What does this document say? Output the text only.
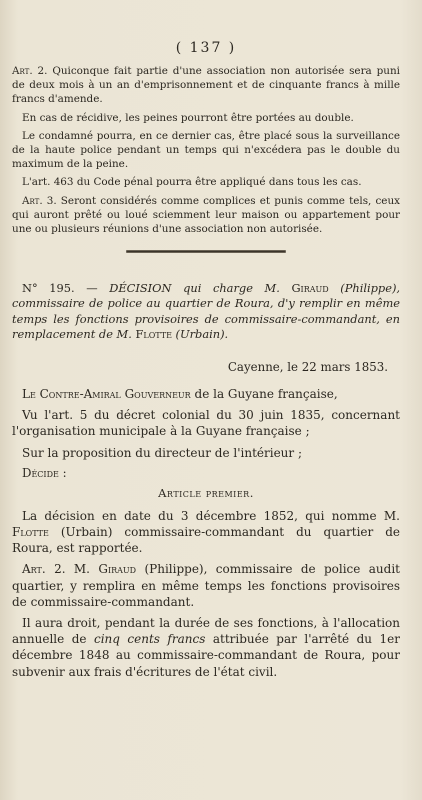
( 137 )

Art. 2. Quiconque fait partie d'une association non autorisée sera puni de deux mois à un an d'emprisonnement et de cinquante francs à mille francs d'amende.

En cas de récidive, les peines pourront être portées au double.

Le condamné pourra, en ce dernier cas, être placé sous la surveillance de la haute police pendant un temps qui n'excédera pas le double du maximum de la peine.

L'art. 463 du Code pénal pourra être appliqué dans tous les cas.

Art. 3. Seront considérés comme complices et punis comme tels, ceux qui auront prêté ou loué sciemment leur maison ou appartement pour une ou plusieurs réunions d'une association non autorisée.

N° 195. — DÉCISION qui charge M. Giraud (Philippe), commissaire de police au quartier de Roura, d'y remplir en même temps les fonctions provisoires de commissaire-commandant, en remplacement de M. Flotte (Urbain).

Cayenne, le 22 mars 1853.

Le Contre-Amiral Gouverneur de la Guyane française,

Vu l'art. 5 du décret colonial du 30 juin 1835, concernant l'organisation municipale à la Guyane française ;

Sur la proposition du directeur de l'intérieur ;

Décide :
Article premier.

La décision en date du 3 décembre 1852, qui nomme M. Flotte (Urbain) commissaire-commandant du quartier de Roura, est rapportée.

Art. 2. M. Giraud (Philippe), commissaire de police audit quartier, y remplira en même temps les fonctions provisoires de commissaire-commandant.

Il aura droit, pendant la durée de ses fonctions, à l'allocation annuelle de cinq cents francs attribuée par l'arrêté du 1er décembre 1848 au commissaire-commandant de Roura, pour subvenir aux frais d'écritures de l'état civil.
